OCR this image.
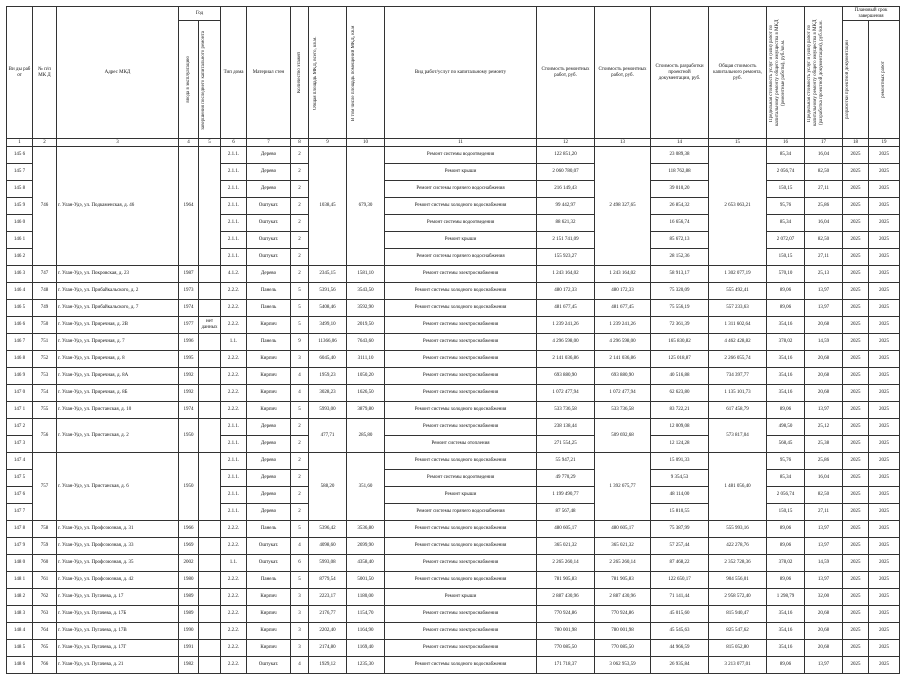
Ви ды раб от	№ п/п МК Д	Адрес МКД	Год		Тип дома	Материал стен	Количество этажей	Общая площадь МКД, всего, кв.м.	В том числе площадь помещений МКД, кв.м	Вид работ/услуг по капитальному ремонту	Стоимость ремонтных работ, руб.	Стоимость ремонтных работ, руб.	Стоимость разработки проектной документации, руб.	Общая стоимость капитального ремонта, руб.	Предельная стоимость услуг и (или) работ по капитальному ремонту общего имущества в МКД (ремонтные работы), руб./кв.м.	Предельная стоимость услуг и (или) работ по капитальному ремонту общего имущества в МКД (разработка проектной документации), руб./кв.м.	Плановый срок завершения	

			ввода в эксплуатацию	завершения последнего капитального ремонта													разработки проектной документации	ремонтных работ

1	2	3	4	5	6	7	8	9	10	11	12	13	14	15	16	17	18	19
145 6	746	г. Улан-Удэ, ул. Подкаменская, д. 46	1964		2.1.1.	Дерево	2	1038,45	679,30	Ремонт системы водоотведения	122 851,20	2 498 327,65	23 089,38	2 653 063,21	85,34	16,04	2025	2025
145 7					2.1.1.	Дерево	2			Ремонт крыши	2 060 780,07		118 762,88		2 056,74	82,50	2025	2025
145 8					2.1.1.	Дерево	2			Ремонт системы горячего водоснабжения	216 149,43		39 010,20		150,15	27,11	2025	2025
145 9					2.1.1.	Оштукат.	2			Ремонт системы холодного водоснабжения	99 442,97		26 854,32		95,76	25,86	2025	2025
146 0					2.1.1.	Оштукат.	2			Ремонт системы водоотведения	88 621,32		16 656,74		85,34	16,04	2025	2025
146 1					2.1.1.	Оштукат.	2			Ремонт крыши	2 151 741,09		85 672,13		2 072,07	82,50	2025	2025
146 2					2.1.1.	Оштукат.	2			Ремонт системы горячего водоснабжения	155 923,27		28 152,36		150,15	27,11	2025	2025
146 3	747	г. Улан-Удэ, ул. Покровская, д. 23	1987		4.1.2.	Дерево	2	2345,15	1581,10	Ремонт системы электроснабжения	1 243 164,02	1 243 164,02	58 913,17	1 302 077,19	570,10	25,13	2025	2025
146 4	748	г. Улан-Удэ, ул. Прибайкальского, д. 2	1973		2.2.2.	Панель	5	5391,56	3543,50	Ремонт системы холодного водоснабжения	480 172,33	480 172,33	75 320,09	555 492,41	89,06	13,97	2025	2025
146 5	749	г. Улан-Удэ, ул. Прибайкальского, д. 7	1974		2.2.2.	Панель	5	5408,46	3592,90	Ремонт системы холодного водоснабжения	481 677,45	481 677,45	75 556,19	557 233,63	89,06	13,97	2025	2025
146 6	750	г. Улан-Удэ, ул. Приречная, д. 2В	1977	нет данных	2.2.2.	Кирпич	5	3499,10	2019,50	Ремонт системы электроснабжения	1 239 241,26	1 239 241,26	72 361,39	1 311 602,64	354,16	20,68	2025	2025
146 7	751	г. Улан-Удэ, ул. Приречная, д. 7	1996		1.1.	Панель	9	11366,06	7643,60	Ремонт системы электроснабжения	4 296 598,00	4 296 598,00	165 830,82	4 462 428,82	378,02	14,59	2025	2025
146 8	752	г. Улан-Удэ, ул. Приречная, д. 8	1995		2.2.2.	Кирпич	3	6045,40	3111,10	Ремонт системы электроснабжения	2 141 036,86	2 141 036,86	125 018,87	2 266 055,74	354,16	20,68	2025	2025
146 9	753	г. Улан-Удэ, ул. Приречная, д. 8А	1992		2.2.2.	Кирпич	4	1959,23	1050,20	Ремонт системы электроснабжения	693 880,90	693 880,90	40 516,88	734 397,77	354,16	20,68	2025	2025
147 0	754	г. Улан-Удэ, ул. Приречная, д. 8Б	1992		2.2.2.	Кирпич	4	3028,23	1626,50	Ремонт системы электроснабжения	1 072 477,94	1 072 477,94	62 623,80	1 135 101,73	354,16	20,68	2025	2025
147 1	755	г. Улан-Удэ, ул. Пристанская, д. 10	1974		2.2.2.	Кирпич	5	5993,00	3879,80	Ремонт системы холодного водоснабжения	533 736,58	533 736,58	83 722,21	617 458,79	89,06	13,97	2025	2025
147 2	756	г. Улан-Удэ, ул. Пристанская, д. 2	1950		2.1.1.	Дерево	2	477,71	285,80	Ремонт системы электроснабжения	238 138,44	509 692,68	12 009,08	573 817,04	498,50	25,12	2025	2025
147 3					2.1.1.	Дерево	2			Ремонт системы отопления	271 554,25		12 124,28		568,45	25,38	2025	2025
147 4	757	г. Улан-Удэ, ул. Пристанская, д. 6	1950		2.1.1.	Дерево	2	588,20	351,60	Ремонт системы холодного водоснабжения	55 947,21	1 392 675,77	15 091,33	1 481 056,40	95,76	25,86	2025	2025
147 5					2.1.1.	Дерево	2			Ремонт системы водоотведения	49 770,29		9 354,53		85,34	16,04	2025	2025
147 6					2.1.1.	Дерево	2			Ремонт крыши	1 199 490,77		48 114,00		2 056,74	82,50	2025	2025
147 7					2.1.1.	Дерево	2			Ремонт системы горячего водоснабжения	87 567,48		15 810,55		150,15	27,11	2025	2025
147 8	758	г. Улан-Удэ, ул. Профсоюзная, д. 31	1966		2.2.2.	Панель	5	5396,42	3536,80	Ремонт системы холодного водоснабжения	480 605,17	480 605,17	75 387,99	555 993,16	89,06	13,97	2025	2025
147 9	759	г. Улан-Удэ, ул. Профсоюзная, д. 33	1969		2.2.2.	Оштукат.	4	4098,60	2699,90	Ремонт системы холодного водоснабжения	365 021,32	365 021,32	57 257,44	422 278,76	89,06	13,97	2025	2025
148 0	760	г. Улан-Удэ, ул. Профсоюзная, д. 35	2002		1.1.	Оштукат.	6	5993,08	4358,40	Ремонт системы электроснабжения	2 265 260,14	2 265 260,14	87 468,22	2 352 728,36	378,02	14,59	2025	2025
148 1	761	г. Улан-Удэ, ул. Профсоюзная, д. 42	1980		2.2.2.	Панель	5	8779,54	5001,50	Ремонт системы холодного водоснабжения	781 905,83	781 905,83	122 650,17	904 556,01	89,06	13,97	2025	2025
148 2	762	г. Улан-Удэ, ул. Пугачева, д. 17	1989		2.2.2.	Кирпич	3	2223,17	1180,00	Ремонт крыши	2 887 430,96	2 887 430,96	71 141,44	2 958 572,40	1 298,79	32,00	2025	2025
148 3	763	г. Улан-Удэ, ул. Пугачева, д. 17Б	1989		2.2.2.	Кирпич	3	2176,77	1154,70	Ремонт системы электроснабжения	770 924,86	770 924,86	45 015,60	815 940,47	354,16	20,68	2025	2025
148 4	764	г. Улан-Удэ, ул. Пугачева, д. 17В	1990		2.2.2.	Кирпич	3	2202,40	1164,90	Ремонт системы электроснабжения	780 001,98	780 001,98	45 545,63	825 547,62	354,16	20,68	2025	2025
148 5	765	г. Улан-Удэ, ул. Пугачева, д. 17Г	1991		2.2.2.	Кирпич	3	2174,80	1169,40	Ремонт системы электроснабжения	770 085,50	770 085,50	44 966,59	815 052,80	354,16	20,68	2025	2025
148 6	766	г. Улан-Удэ, ул. Пугачева, д. 21	1982		2.2.2.	Оштукат.	4	1929,12	1235,30	Ремонт системы холодного водоснабжения	171 718,37	3 062 953,59	26 935,84	3 213 077,01	89,06	13,97	2025	2025
